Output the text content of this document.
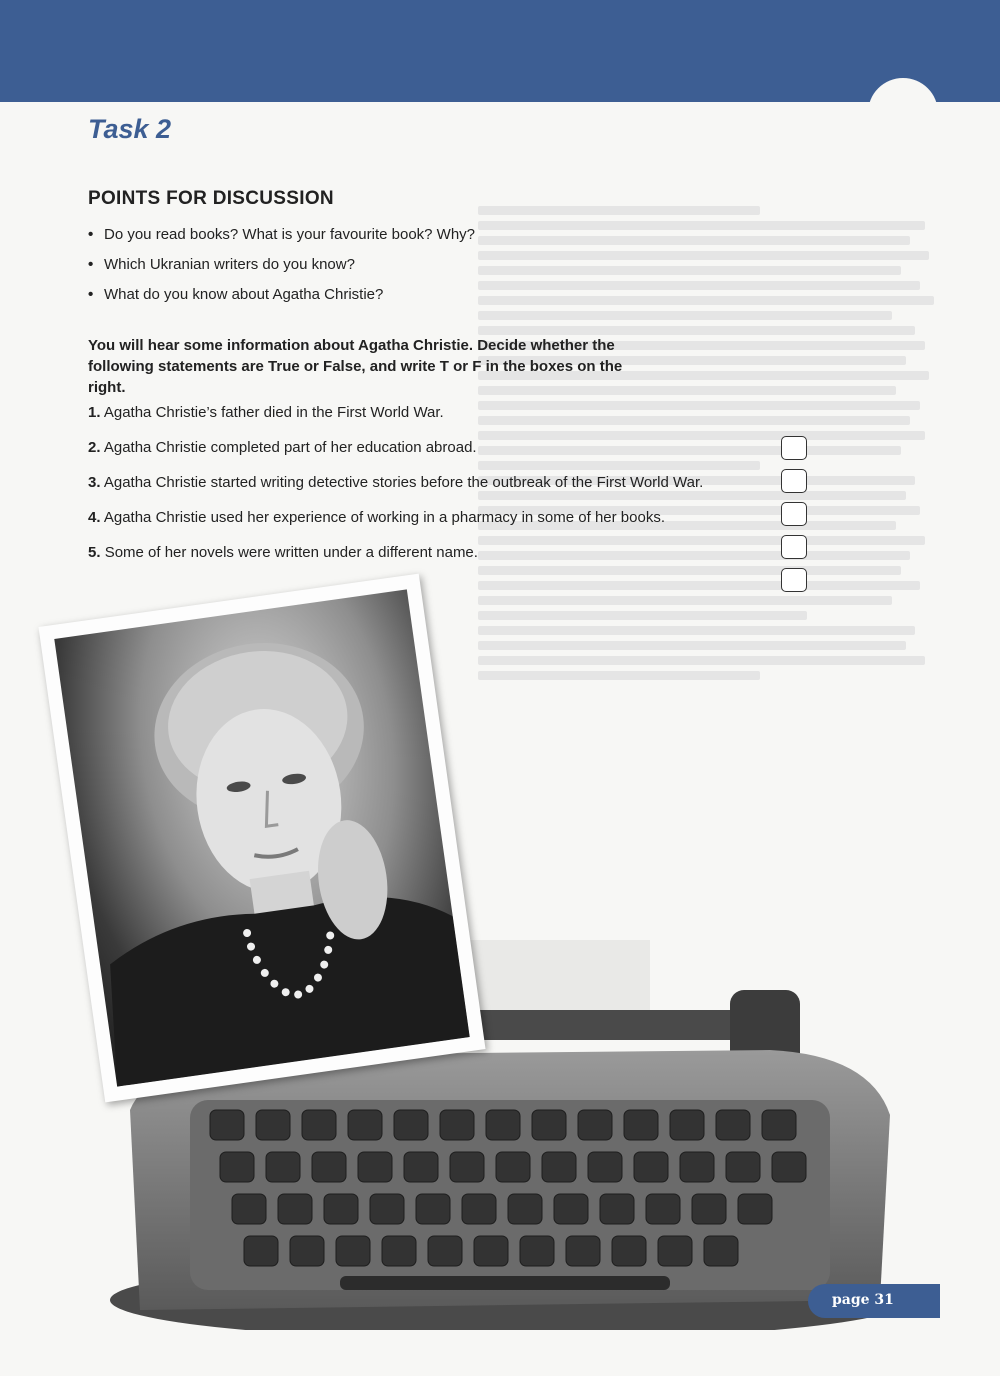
Task 2
POINTS FOR DISCUSSION
• Do you read books? What is your favourite book? Why?
• Which Ukranian writers do you know?
• What do you know about Agatha Christie?

You will hear some information about Agatha Christie. Decide whether the following statements are True or False, and write T or F in the boxes on the right.

1. Agatha Christie’s father died in the First World War.
2. Agatha Christie completed part of her education abroad.
3. Agatha Christie started writing detective stories before the outbreak of the First World War.
4. Agatha Christie used her experience of working in a pharmacy in some of her books.
5. Some of her novels were written under a different name.
page 31
